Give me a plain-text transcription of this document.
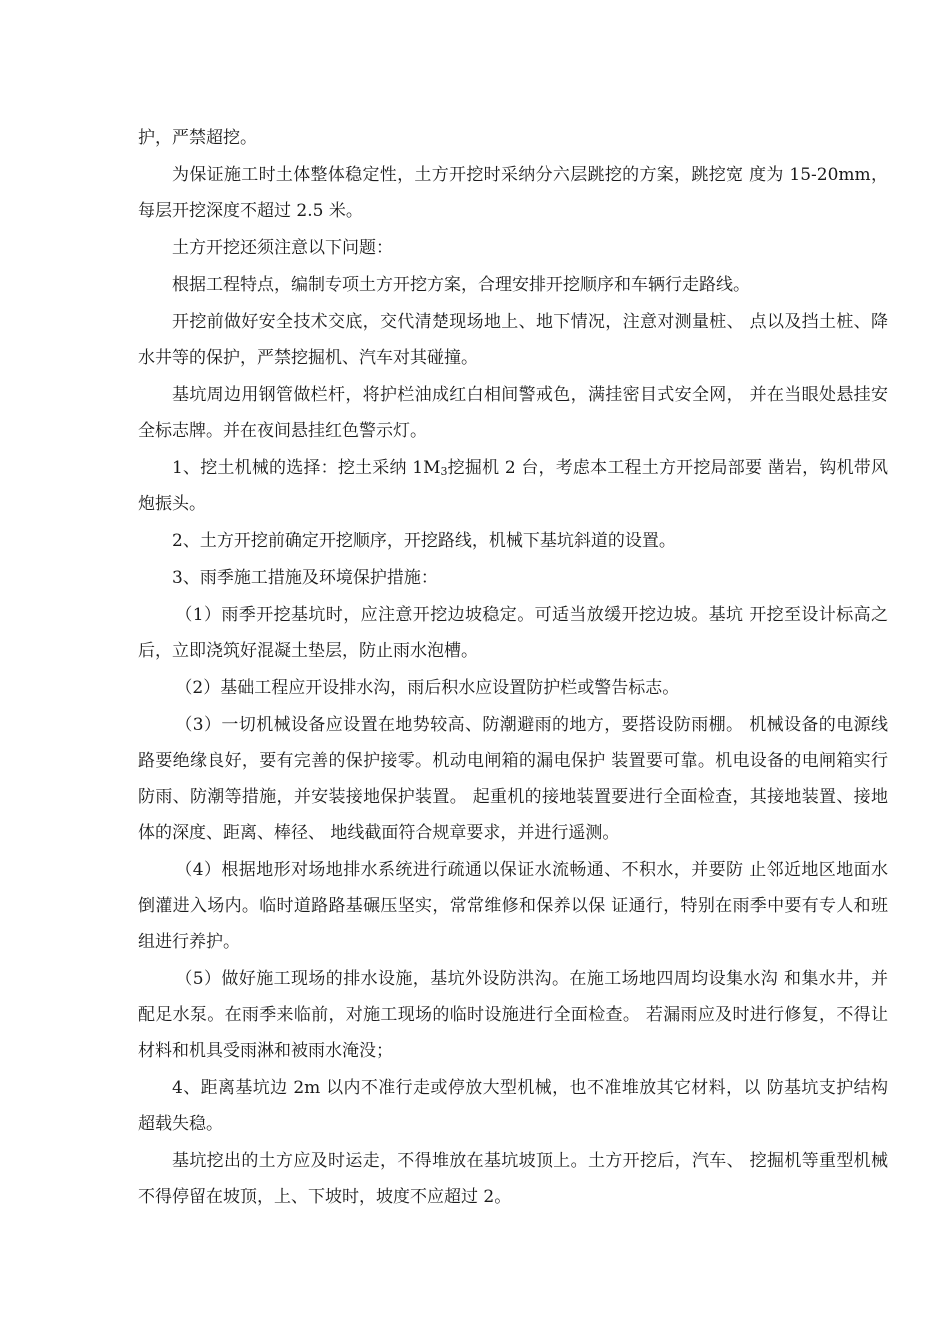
护，严禁超挖。

为保证施工时土体整体稳定性，土方开挖时采纳分六层跳挖的方案，跳挖宽 度为 15-20mm，每层开挖深度不超过 2.5 米。

土方开挖还须注意以下问题：

根据工程特点，编制专项土方开挖方案，合理安排开挖顺序和车辆行走路线。

开挖前做好安全技术交底，交代清楚现场地上、地下情况，注意对测量桩、 点以及挡土桩、降水井等的保护，严禁挖掘机、汽车对其碰撞。

基坑周边用钢管做栏杆，将护栏油成红白相间警戒色，满挂密目式安全网， 并在当眼处悬挂安全标志牌。并在夜间悬挂红色警示灯。

1、挖土机械的选择：挖土采纳 $1M_3$挖掘机 2 台，考虑本工程土方开挖局部要 凿岩，钩机带风炮振头。

2、土方开挖前确定开挖顺序，开挖路线，机械下基坑斜道的设置。

3、雨季施工措施及环境保护措施：

（1）雨季开挖基坑时，应注意开挖边坡稳定。可适当放缓开挖边坡。基坑 开挖至设计标高之后，立即浇筑好混凝土垫层，防止雨水泡槽。

（2）基础工程应开设排水沟，雨后积水应设置防护栏或警告标志。

（3）一切机械设备应设置在地势较高、防潮避雨的地方，要搭设防雨棚。 机械设备的电源线路要绝缘良好，要有完善的保护接零。机动电闸箱的漏电保护 装置要可靠。机电设备的电闸箱实行防雨、防潮等措施，并安装接地保护装置。 起重机的接地装置要进行全面检查，其接地装置、接地体的深度、距离、棒径、 地线截面符合规章要求，并进行遥测。

（4）根据地形对场地排水系统进行疏通以保证水流畅通、不积水，并要防 止邻近地区地面水倒灌进入场内。临时道路路基碾压坚实，常常维修和保养以保 证通行，特别在雨季中要有专人和班组进行养护。

（5）做好施工现场的排水设施，基坑外设防洪沟。在施工场地四周均设集水沟 和集水井，并配足水泵。在雨季来临前，对施工现场的临时设施进行全面检查。 若漏雨应及时进行修复，不得让材料和机具受雨淋和被雨水淹没；

4、距离基坑边 2m 以内不准行走或停放大型机械，也不准堆放其它材料，以 防基坑支护结构超载失稳。

基坑挖出的土方应及时运走，不得堆放在基坑坡顶上。土方开挖后，汽车、 挖掘机等重型机械不得停留在坡顶，上、下坡时，坡度不应超过 2。
